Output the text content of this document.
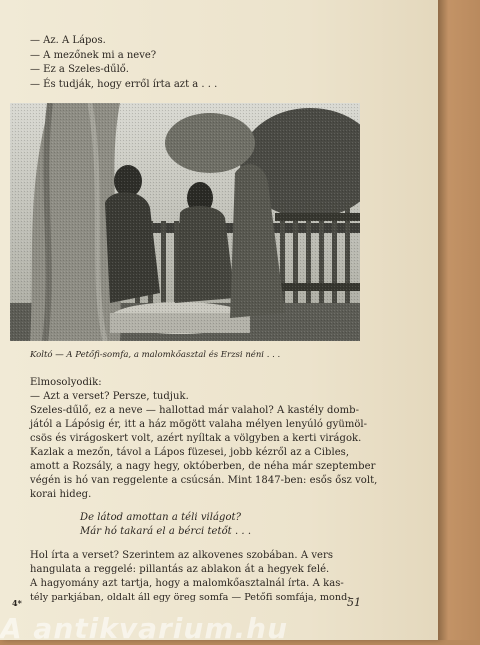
— Az. A Lápos.
— A mezőnek mi a neve?
— Ez a Szeles-dűlő.
— És tudják, hogy erről írta azt a . . .
Koltó — A Petőfi-somfa, a malomkőasztal és Erzsi néni . . .
Elmosolyodik:
— Azt a verset? Persze, tudjuk.
Szeles-dűlő, ez a neve — hallottad már valahol? A kastély domb-
jától a Lápósig ér, itt a ház mögött valaha mélyen lenyúló gyümöl-
csös és virágoskert volt, azért nyíltak a völgyben a kerti virágok.
Kazlak a mezőn, távol a Lápos füzesei, jobb kézről az a Cibles,
amott a Rozsály, a nagy hegy, októberben, de néha már szeptember
végén is hó van reggelente a csúcsán. Mint 1847-ben: esős ősz volt,
korai hideg.
De látod amottan a téli világot?
Már hó takará el a bérci tetőt . . .
Hol írta a verset? Szerintem az alkovenes szobában. A vers
hangulata a reggelé: pillantás az ablakon át a hegyek felé.
A hagyomány azt tartja, hogy a malomkőasztalnál írta. A kas-
tély parkjában, oldalt áll egy öreg somfa — Petőfi somfája, mond-
4*	51
A antikvarium.hu
